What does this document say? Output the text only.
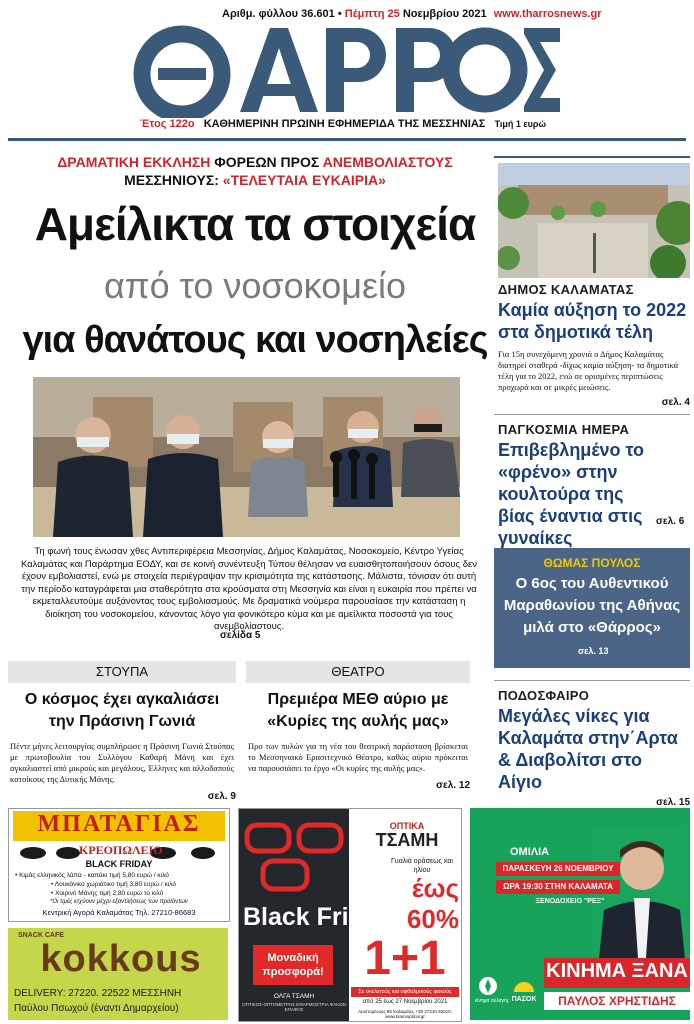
Αριθμ. φύλλου 36.601 • Πέμπτη 25 Νοεμβρίου 2021 www.tharrosnews.gr
Έτος 122ο ΚΑΘΗΜΕΡΙΝΗ ΠΡΩΙΝΗ ΕΦΗΜΕΡΙΔΑ ΤΗΣ ΜΕΣΣΗΝΙΑΣ Τιμή 1 ευρώ
ΔΡΑΜΑΤΙΚΗ ΕΚΚΛΗΣΗ ΦΟΡΕΩΝ ΠΡΟΣ ΑΝΕΜΒΟΛΙΑΣΤΟΥΣ
ΜΕΣΣΗΝΙΟΥΣ: «ΤΕΛΕΥΤΑΙΑ ΕΥΚΑΙΡΙΑ»
Αμείλικτα τα στοιχεία
από το νοσοκομείο
για θανάτους και νοσηλείες
Τη φωνή τους ένωσαν χθες Αντιπεριφέρεια Μεσσηνίας, Δήμος Καλαμάτας, Νοσοκομείο, Κέντρο Υγείας Καλαμάτας και Παράρτημα ΕΟΔΥ, και σε κοινή συνέντευξη Τύπου θέλησαν να ευαισθητοποιήσουν όσους δεν έχουν εμβολιαστεί, ενώ με στοιχεία περιέγραψαν την κρισιμότητα της κατάστασης. Μάλιστα, τόνισαν ότι αυτή την περίοδο καταγράφεται μια σταθερότητα στα κρούσματα στη Μεσσηνία και είναι η ευκαιρία που πρέπει να εκμεταλλευτούμε αυξάνοντας τους εμβολιασμούς. Με δραματικά νούμερα παρουσίασε την κατάσταση η διοίκηση του νοσοκομείου, κάνοντας λόγο για φονικότερο κύμα και με αμείλικτα ποσοστά για τους ανεμβολίαστους.
σελίδα 5
ΣΤΟΥΠΑ
Ο κόσμος έχει αγκαλιάσει την Πράσινη Γωνιά
Πέντε μήνες λειτουργίας συμπλήρωσε η Πράσινη Γωνιά Στούπας με πρωτοβουλία του Συλλόγου Καθαρή Μάνη και έχει αγκαλιαστεί από μικρούς και μεγάλους, Έλληνες και αλλοδαπούς κατοίκους της Δυτικής Μάνης.
σελ. 9
ΘΕΑΤΡΟ
Πρεμιέρα ΜΕΘ αύριο με «Κυρίες της αυλής μας»
Προ των πυλών για τη νέα του θεατρική παράσταση βρίσκεται το Μεσσηνιακό Ερασιτεχνικό Θέατρο, καθώς αύριο πρόκειται να παρουσιάσει το έργο «Οι κυρίες της αυλής μας».
σελ. 12
ΔΗΜΟΣ ΚΑΛΑΜΑΤΑΣ
Καμία αύξηση το 2022 στα δημοτικά τέλη
Για 15η συνεχόμενη χρονιά ο Δήμος Καλαμάτας διατηρεί σταθερά -δίχως καμία αύξηση- τα δημοτικά τέλη για το 2022, ενώ σε ορισμένες περιπτώσεις προχωρά και σε μικρές μειώσεις.
σελ. 4
ΠΑΓΚΟΣΜΙΑ ΗΜΕΡΑ
Επιβεβλημένο το «φρένο» στην κουλτούρα της βίας έναντια στις γυναίκες
σελ. 6
ΘΩΜΑΣ ΠΟΥΛΟΣ
Ο 6ος του Αυθεντικού Μαραθωνίου της Αθήνας μιλά στο «Θάρρος»
σελ. 13
ΠΟΔΟΣΦΑΙΡΟ
Μεγάλες νίκες για Καλαμάτα στην΄Αρτα & Διαβολίτσι στο Αίγιο
σελ. 15
ΜΠΑΤΑΓΙΑΣ
ΚΡΕΟΠΩΛΕΙΟ
BLACK FRIDAY
• Κιμάς ελληνικός λάπα - καπάκι τιμή 5,80 ευρώ / κιλό
• Λουκάνικο χωριάτικο τιμή 3,80 ευρώ / κιλό
• Χοιρινό Μάνης τιμή 2,80 ευρώ το κιλό
*Οι τιμές ισχύουν μέχρι εξαντλήσεως των προϊόντων
Κεντρική Αγορά Καλαμάτας Τηλ. 27210-86683
SNACK CAFE
kokkous
DELIVERY: 27220. 22522 ΜΕΣΣΗΝΗ
Παύλου Πσωχού (έναντι Δημαρχείου)
Black Friday
ΟΠΤΙΚΑ
ΤΣΑΜΗ
Γυαλιά οράσεως και ηλίου
έως 60%
Μοναδική προσφορά! 1+1
Σε σκελετούς και οφθαλμικούς φακούς
από 25 έως 27 Νοεμβρίου 2021
ΟΛΓΑ ΤΣΑΜΗ
ΟΠΤΙΚΟΣ-ΟΠΤΟΜΕΤΡΗΣ ΕΦΑΡΜΟΣΤΡΙΑ ΦΑΚΩΝ ΕΠΑΦΗΣ	Αριστομένους 85 Καλαμάτα, +30 27210 92010, www.tsamioptical.gr
ΟΜΙΛΙΑ
ΠΑΡΑΣΚΕΥΗ 26 ΝΟΕΜΒΡΙΟΥ
ΩΡΑ 19:30 ΣΤΗΝ ΚΑΛΑΜΑΤΑ
ΞΕΝΟΔΟΧΕΙΟ "ΡΕΞ"
ΚΙΝΗΜΑ ΞΑΝΑ
ΠΑΥΛΟΣ ΧΡΗΣΤΙΔΗΣ
κίνημα αλλαγής ΠΑΣΟΚ
